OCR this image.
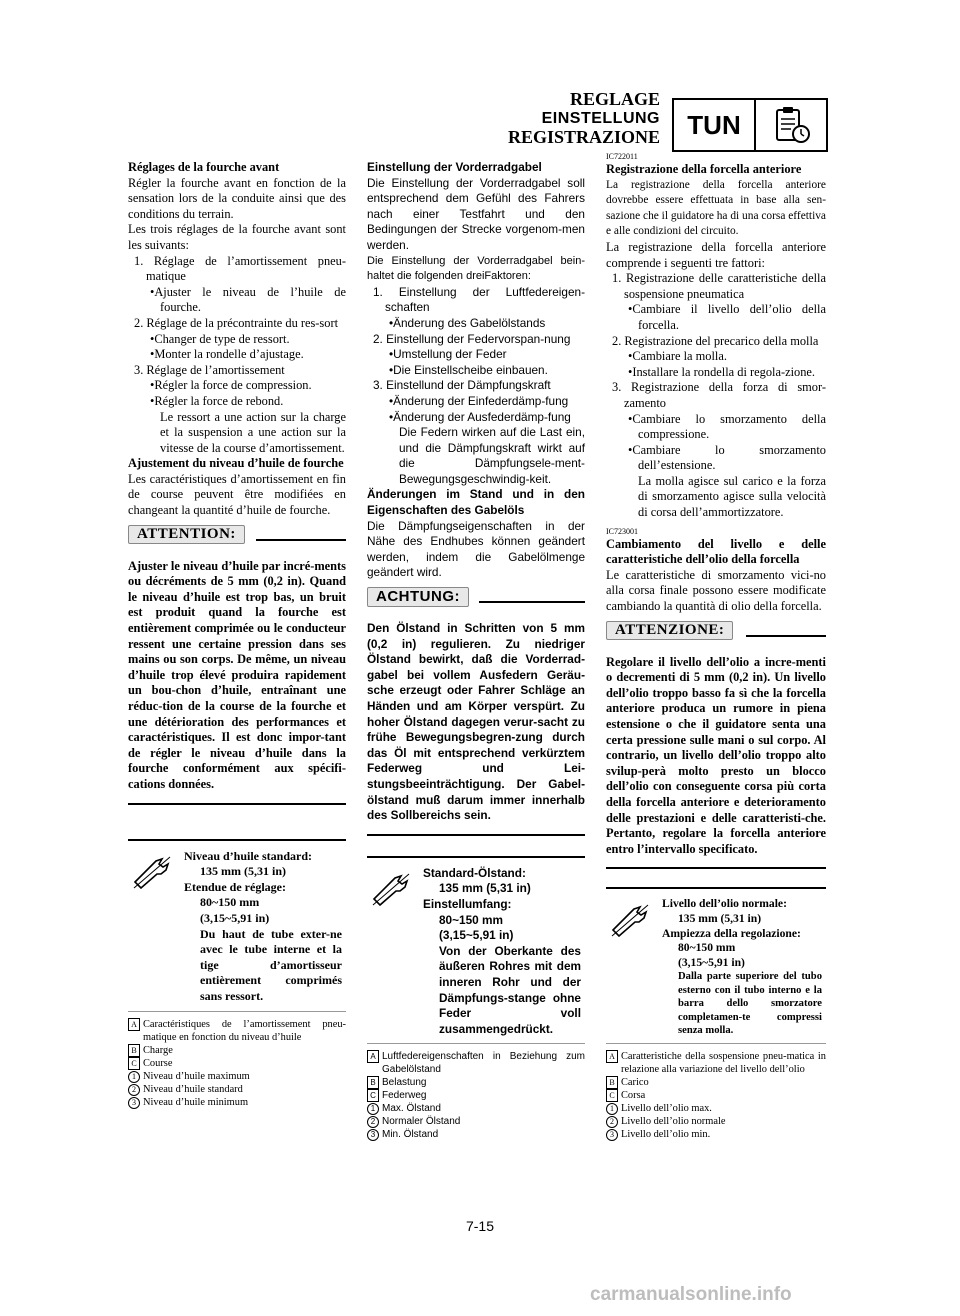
REGLAGE
EINSTELLUNG
REGISTRAZIONE	TUN

Réglages de la fourche avant

Régler la fourche avant en fonction de la sensation lors de la conduite ainsi que des conditions du terrain.

Les trois réglages de la fourche avant sont les suivants:

1. Réglage de l’amortissement pneu-matique

•Ajuster le niveau de l’huile de fourche.

2. Réglage de la précontrainte du res-sort

•Changer de type de ressort.

•Monter la rondelle d’ajustage.

3. Réglage de l’amortissement

•Régler la force de compression.

•Régler la force de rebond.

Le ressort a une action sur la charge et la suspension a une action sur la vitesse de la course d’amortissement.

Ajustement du niveau d’huile de fourche

Les caractéristiques d’amortissement en fin de course peuvent être modifiées en changeant la quantité d’huile de fourche.

ATTENTION:

Ajuster le niveau d’huile par incré-ments ou décréments de 5 mm (0,2 in). Quand le niveau d’huile est trop bas, un bruit est produit quand la fourche est entièrement comprimée ou le conducteur ressent une certaine pression dans ses mains ou son corps. De même, un niveau d’huile trop élevé produira rapidement un bou-chon d’huile, entraînant une réduc-tion de la course de la fourche et une détérioration des performances et caractéristiques. Il est donc impor-tant de régler le niveau d’huile dans la fourche conformément aux spécifi-cations données.

Niveau d’huile standard:
135 mm (5,31 in)
Etendue de réglage:
80~150 mm
(3,15~5,91 in)
Du haut de tube exter-ne avec le tube interne et la tige d’amortisseur entièrement comprimés sans ressort.
A Caractéristiques de l’amortissement pneu-matique en fonction du niveau d’huile
B Charge
C Course
1 Niveau d’huile maximum
2 Niveau d’huile standard
3 Niveau d’huile minimum

Einstellung der Vorderradgabel

Die Einstellung der Vorderradgabel soll entsprechend dem Gefühl des Fahrers nach einer Testfahrt und den Bedingungen der Strecke vorgenom-men werden.

Die Einstellung der Vorderradgabel bein-haltet die folgenden dreiFaktoren:

1. Einstellung der Luftfedereigen-schaften

•Änderung des Gabelölstands

2. Einstellung der Federvorspan-nung

•Umstellung der Feder

•Die Einstellscheibe einbauen.

3. Einstellund der Dämpfungskraft

•Änderung der Einfederdämp-fung

•Änderung der Ausfederdämp-fung

Die Federn wirken auf die Last ein, und die Dämpfungskraft wirkt auf die Dämpfungsele-ment-Bewegungsgeschwindig-keit.

Änderungen im Stand und in den Eigenschaften des Gabelöls

Die Dämpfungseigenschaften in der Nähe des Endhubes können geändert werden, indem die Gabelölmenge geändert wird.

ACHTUNG:

Den Ölstand in Schritten von 5 mm (0,2 in) regulieren. Zu niedriger Ölstand bewirkt, daß die Vorderrad-gabel bei vollem Ausfedern Geräu-sche erzeugt oder Fahrer Schläge an Händen und am Körper verspürt. Zu hoher Ölstand dagegen verur-sacht zu frühe Bewegungsbegren-zung durch das Öl mit entsprechend verkürztem Federweg und Lei-stungsbeeinträchtigung. Der Gabel-ölstand muß darum immer innerhalb des Sollbereichs sein.

Standard-Ölstand:
135 mm (5,31 in)
Einstellumfang:
80~150 mm
(3,15~5,91 in)
Von der Oberkante des äußeren Rohres mit dem inneren Rohr und der Dämpfungs-stange ohne Feder voll zusammengedrückt.
A Luftfedereigenschaften in Beziehung zum Gabelölstand
B Belastung
C Federweg
1 Max. Ölstand
2 Normaler Ölstand
3 Min. Ölstand

IC722011

Registrazione della forcella anteriore

La registrazione della forcella anteriore dovrebbe essere effettuata in base alla sen-sazione che il guidatore ha di una corsa effettiva e alle condizioni del circuito.

La registrazione della forcella anteriore comprende i seguenti tre fattori:

1. Registrazione delle caratteristiche della sospensione pneumatica

•Cambiare il livello dell’olio della forcella.

2. Registrazione del precarico della molla

•Cambiare la molla.

•Installare la rondella di regola-zione.

3. Registrazione della forza di smor-zamento

•Cambiare lo smorzamento della compressione.

•Cambiare lo smorzamento dell’estensione.

La molla agisce sul carico e la forza di smorzamento agisce sulla velocità di corsa dell’ammortizzatore.

IC723001

Cambiamento del livello e delle caratteristiche dell’olio della forcella

Le caratteristiche di smorzamento vici-no alla corsa finale possono essere modificate cambiando la quantità di olio della forcella.

ATTENZIONE:

Regolare il livello dell’olio a incre-menti o decrementi di 5 mm (0,2 in). Un livello dell’olio troppo basso fa sì che la forcella anteriore produca un rumore in piena estensione o che il guidatore senta una certa pressione sulle mani o sul corpo. Al contrario, un livello dell’olio troppo alto svilup-perà molto presto un blocco dell’olio con conseguente corsa più corta della forcella anteriore e deterioramento delle prestazioni e delle caratteristi-che. Pertanto, regolare la forcella anteriore entro l’intervallo specificato.

Livello dell’olio normale:
135 mm (5,31 in)
Ampiezza della regolazione:
80~150 mm
(3,15~5,91 in)
Dalla parte superiore del tubo esterno con il tubo interno e la barra dello smorzatore completamen-te compressi senza molla.
A Caratteristiche della sospensione pneu-matica in relazione alla variazione del livello dell’olio
B Carico
C Corsa
1 Livello dell’olio max.
2 Livello dell’olio normale
3 Livello dell’olio min.
7-15
carmanualsonline.info
